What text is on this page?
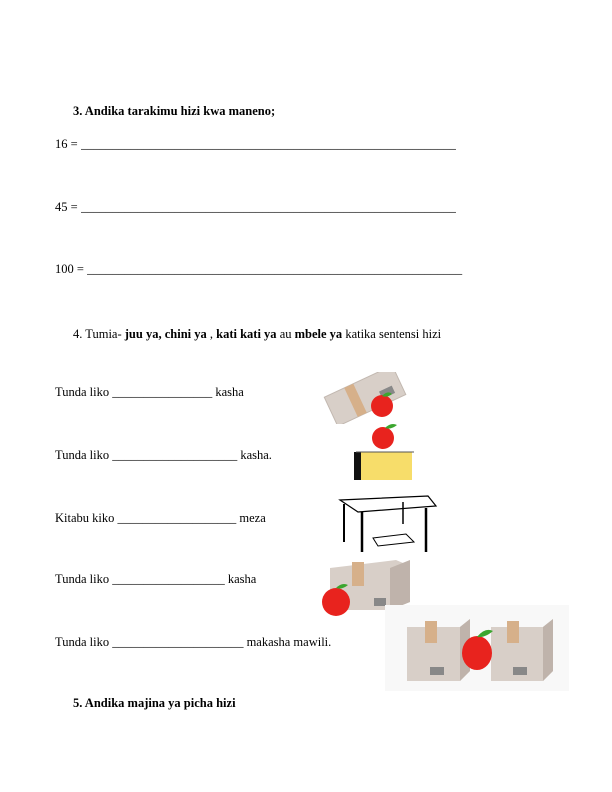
3. Andika tarakimu hizi kwa maneno;
16 = ____________________________________________________________
45 = ____________________________________________________________
100 = ____________________________________________________________
4. Tumia- juu ya, chini ya , kati kati ya au mbele ya katika sentensi hizi
Tunda liko ________________ kasha
Tunda liko ____________________ kasha.
Kitabu kiko ___________________ meza
Tunda liko __________________ kasha
Tunda liko _____________________ makasha mawili.
5. Andika majina ya picha hizi
